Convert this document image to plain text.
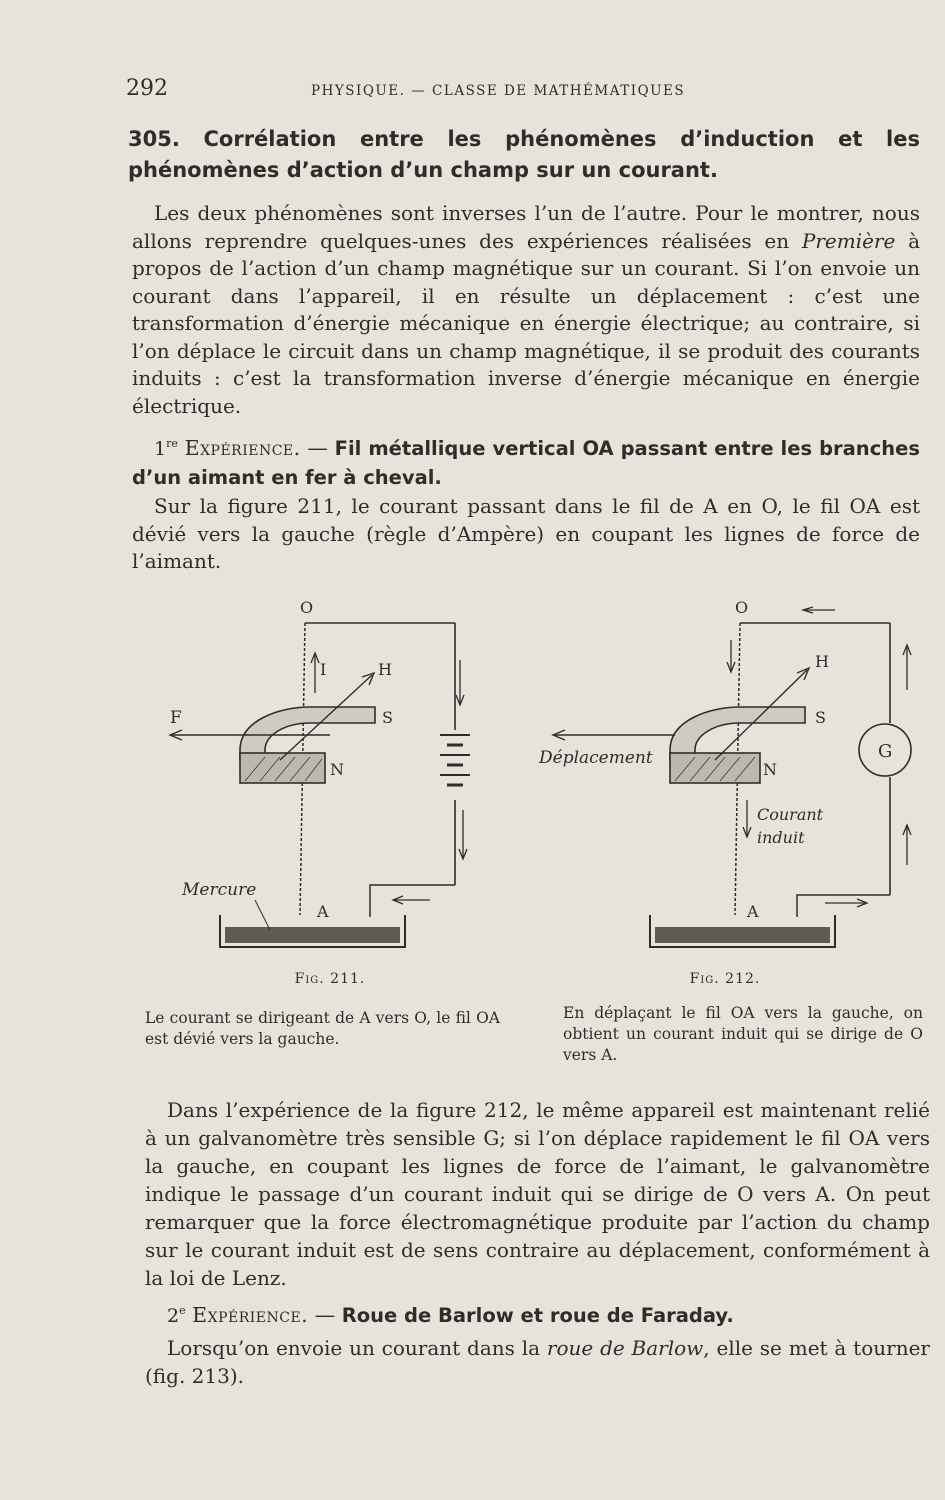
292	PHYSIQUE. — CLASSE DE MATHÉMATIQUES
305. Corrélation entre les phénomènes d’induction et les phénomènes d’action d’un champ sur un courant.

Les deux phénomènes sont inverses l’un de l’autre. Pour le montrer, nous allons reprendre quelques-unes des expériences réalisées en Première à propos de l’action d’un champ magnétique sur un courant. Si l’on envoie un courant dans l’appareil, il en résulte un déplacement : c’est une transformation d’énergie mécanique en énergie électrique; au contraire, si l’on déplace le circuit dans un champ magnétique, il se produit des courants induits : c’est la transformation inverse d’énergie mécanique en énergie électrique.

1re Expérience. — Fil métallique vertical OA passant entre les branches d’un aimant en fer à cheval.

Sur la figure 211, le courant passant dans le fil de A en O, le fil OA est dévié vers la gauche (règle d’Ampère) en coupant les lignes de force de l’aimant.

O
I
F
H
S
N
Mercure
A
Fig. 211.

Le courant se dirigeant de A vers O, le fil OA est dévié vers la gauche.

O
G
Déplacement
H
S
N
Courant
induit
A
Fig. 212.

En déplaçant le fil OA vers la gauche, on obtient un courant induit qui se dirige de O vers A.

Dans l’expérience de la figure 212, le même appareil est maintenant relié à un galvanomètre très sensible G; si l’on déplace rapidement le fil OA vers la gauche, en coupant les lignes de force de l’aimant, le galvanomètre indique le passage d’un courant induit qui se dirige de O vers A. On peut remarquer que la force électromagnétique produite par l’action du champ sur le courant induit est de sens contraire au déplacement, conformément à la loi de Lenz.

2e Expérience. — Roue de Barlow et roue de Faraday.

Lorsqu’on envoie un courant dans la roue de Barlow, elle se met à tourner (fig. 213).
